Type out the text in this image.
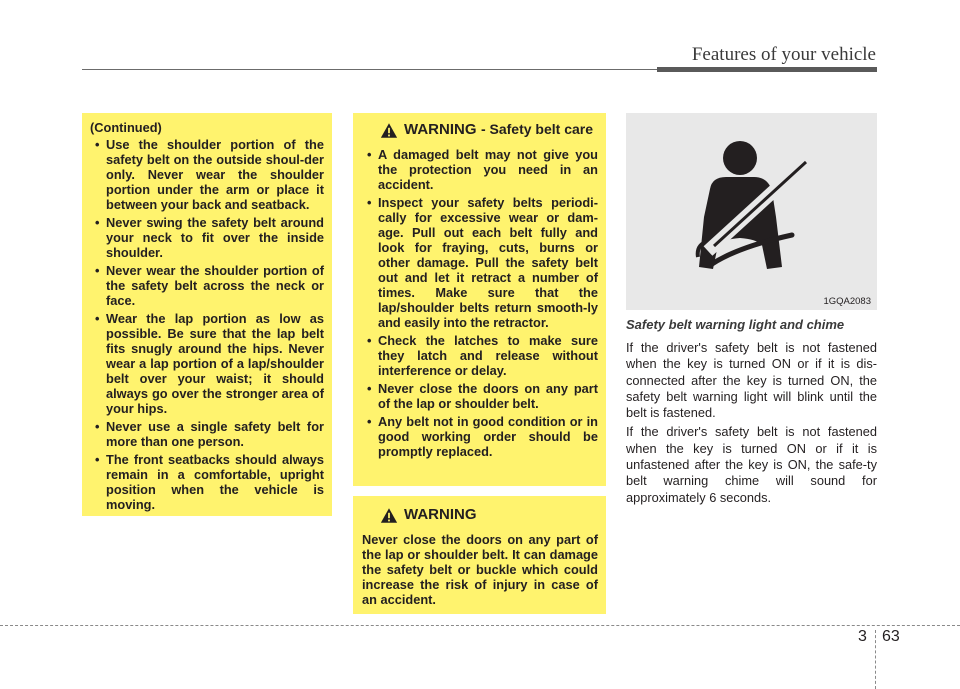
Features of your vehicle
(Continued)
• Use the shoulder portion of the safety belt on the outside shoul-der only. Never wear the shoulder portion under the arm or place it between your back and seatback.
• Never swing the safety belt around your neck to fit over the inside shoulder.
• Never wear the shoulder portion of the safety belt across the neck or face.
• Wear the lap portion as low as possible. Be sure that the lap belt fits snugly around the hips. Never wear a lap portion of a lap/shoulder belt over your waist; it should always go over the stronger area of your hips.
• Never use a single safety belt for more than one person.
• The front seatbacks should always remain in a comfortable, upright position when the vehicle is moving.
WARNING - Safety belt care
• A damaged belt may not give you the protection you need in an accident.
• Inspect your safety belts periodi-cally for excessive wear or dam-age. Pull out each belt fully and look for fraying, cuts, burns or other damage. Pull the safety belt out and let it retract a number of times. Make sure that the lap/shoulder belts return smooth-ly and easily into the retractor.
• Check the latches to make sure they latch and release without interference or delay.
• Never close the doors on any part of the lap or shoulder belt.
• Any belt not in good condition or in good working order should be promptly replaced.
WARNING

Never close the doors on any part of the lap or shoulder belt. It can damage the safety belt or buckle which could increase the risk of injury in case of an accident.

1GQA2083
Safety belt warning light and chime

If the driver's safety belt is not fastened when the key is turned ON or if it is dis-connected after the key is turned ON, the safety belt warning light will blink until the belt is fastened.

If the driver's safety belt is not fastened when the key is turned ON or if it is unfastened after the key is ON, the safe-ty belt warning chime will sound for approximately 6 seconds.

3 63
